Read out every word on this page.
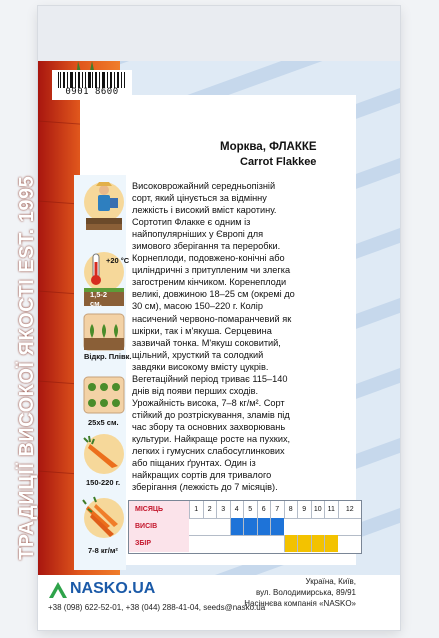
0901 8600
ТРАДИЦІЇ ВИСОКОЇ ЯКОСТІ EST. 1995
Морква, ФЛАККЕ
Carrot Flakkee
Високоврожайний середньопізній
сорт, який цінується за відмінну
лежкість і високий вміст каротину.
Сортотип Флакке є одним із
найпопулярніших у Європі для
зимового зберігання та переробки.
Корнеплоди, подовжено-конічні або
циліндричні з притупленим чи злегка
загостреним кінчиком. Коренеплоди
великі, довжиною 18–25 см (окремі до
30 см), масою 150–220 г. Колір
насичений червоно-помаранчевий як
шкірки, так і м'якуша. Серцевина
зазвичай тонка. М'якуш соковитий,
щільний, хрусткий та солодкий
завдяки високому вмісту цукрів.
Вегетаційний період триває 115–140
днів від появи перших сходів.
Урожайність висока, 7–8 кг/м². Сорт
стійкий до розтріскування, зламів під
час збору та основних захворювань
культури. Найкраще росте на пухких,
легких і гумусних слабосуглинкових
або піщаних ґрунтах. Один із
найкращих сортів для тривалого
зберігання (лежкість до 7 місяців).
+20 °C
1,5-2 см.
Відкр. Плівк.
25x5 см.
150-220 г.
7-8 кг/м²
МІСЯЦЬ	1	2	3	4	5	6	7	8	9	10 11	12
ВИСІВ
ЗБІР
NASKO.UA	Україна, Київ,
вул. Володимирська, 89/91
Насіннєва компанія «NASKO»
+38 (098) 622-52-01, +38 (044) 288-41-04, seeds@nasko.ua
